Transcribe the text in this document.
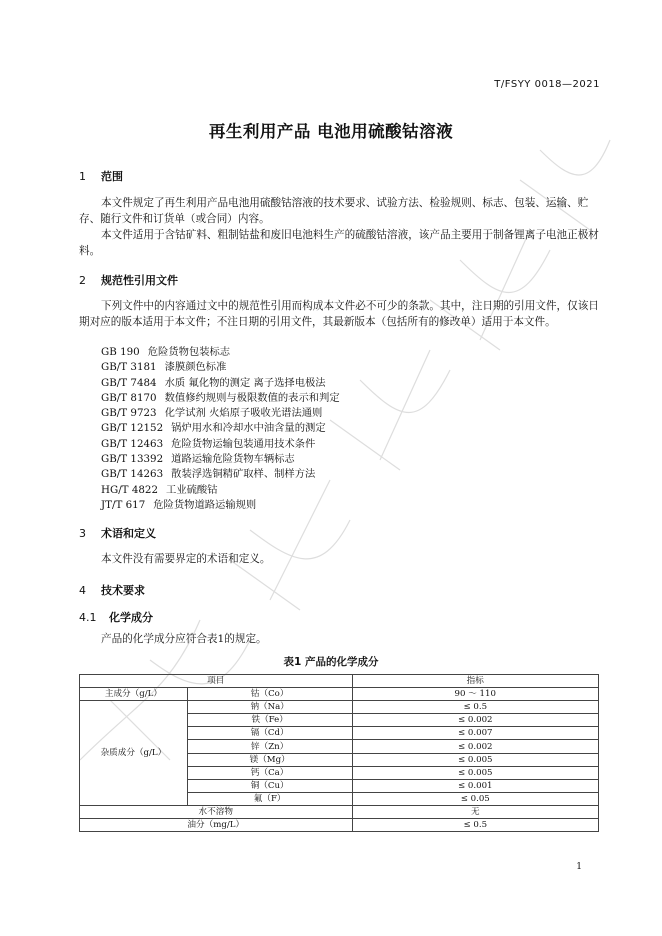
T/FSYY 0018—2021
再生利用产品 电池用硫酸钴溶液
1 范围
本文件规定了再生利用产品电池用硫酸钴溶液的技术要求、试验方法、检验规则、标志、包装、运输、贮存、随行文件和订货单（或合同）内容。
本文件适用于含钴矿料、粗制钴盐和废旧电池料生产的硫酸钴溶液，该产品主要用于制备锂离子电池正极材料。
2 规范性引用文件
下列文件中的内容通过文中的规范性引用而构成本文件必不可少的条款。其中，注日期的引用文件，仅该日期对应的版本适用于本文件；不注日期的引用文件，其最新版本（包括所有的修改单）适用于本文件。
GB 190 危险货物包装标志
GB/T 3181 漆膜颜色标准
GB/T 7484 水质 氟化物的测定 离子选择电极法
GB/T 8170 数值修约规则与极限数值的表示和判定
GB/T 9723 化学试剂 火焰原子吸收光谱法通则
GB/T 12152 锅炉用水和冷却水中油含量的测定
GB/T 12463 危险货物运输包装通用技术条件
GB/T 13392 道路运输危险货物车辆标志
GB/T 14263 散装浮选铜精矿取样、制样方法
HG/T 4822 工业硫酸钴
JT/T 617 危险货物道路运输规则
3 术语和定义
本文件没有需要界定的术语和定义。
4 技术要求
4.1 化学成分
产品的化学成分应符合表1的规定。
表1 产品的化学成分
项目		指标
主成分（g/L）	钴（Co）	90 ～ 110
杂质成分（g/L）	钠（Na）	≤ 0.5
	铁（Fe）	≤ 0.002
	镉（Cd）	≤ 0.007
	锌（Zn）	≤ 0.002
	镁（Mg）	≤ 0.005
	钙（Ca）	≤ 0.005
	铜（Cu）	≤ 0.001
	氟（F）	≤ 0.05
水不溶物		无
油分（mg/L）		≤ 0.5
1
